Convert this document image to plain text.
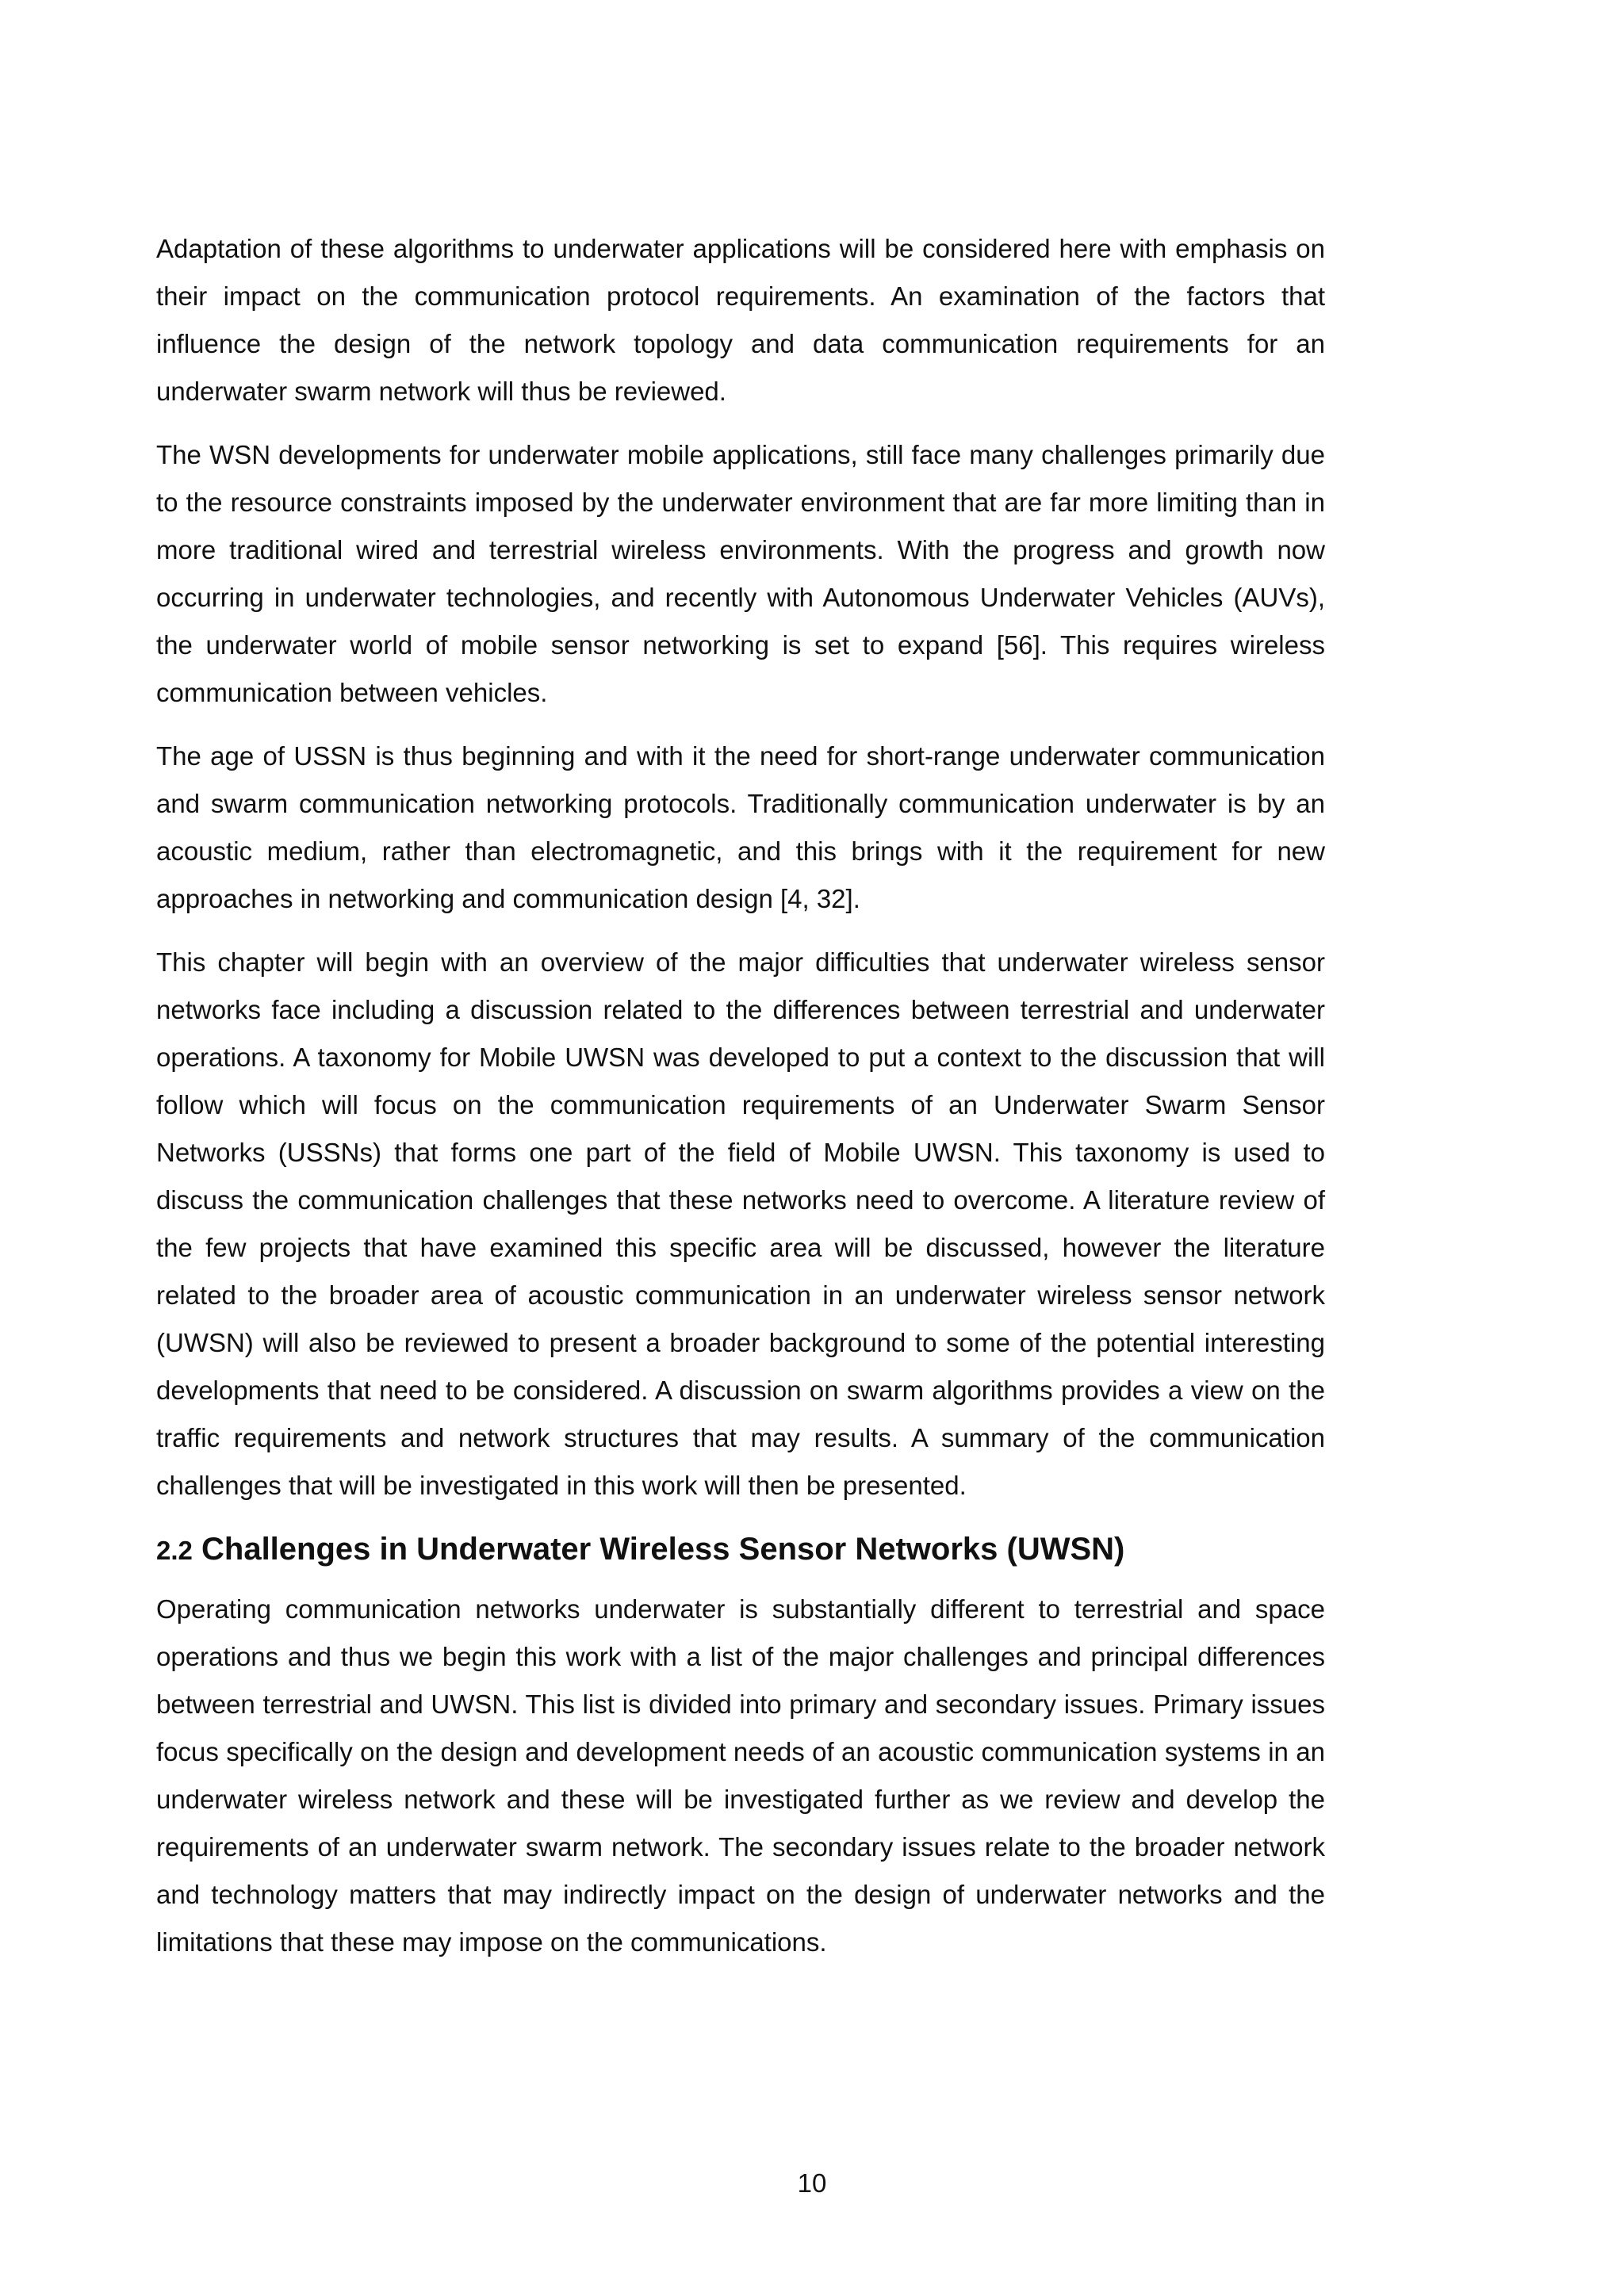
Adaptation of these algorithms to underwater applications will be considered here with emphasis on their impact on the communication protocol requirements. An examination of the factors that influence the design of the network topology and data communication requirements for an underwater swarm network will thus be reviewed.

The WSN developments for underwater mobile applications, still face many challenges primarily due to the resource constraints imposed by the underwater environment that are far more limiting than in more traditional wired and terrestrial wireless environments. With the progress and growth now occurring in underwater technologies, and recently with Autonomous Underwater Vehicles (AUVs), the underwater world of mobile sensor networking is set to expand [56]. This requires wireless communication between vehicles.

The age of USSN is thus beginning and with it the need for short-range underwater communication and swarm communication networking protocols. Traditionally communication underwater is by an acoustic medium, rather than electromagnetic, and this brings with it the requirement for new approaches in networking and communication design [4, 32].

This chapter will begin with an overview of the major difficulties that underwater wireless sensor networks face including a discussion related to the differences between terrestrial and underwater operations. A taxonomy for Mobile UWSN was developed to put a context to the discussion that will follow which will focus on the communication requirements of an Underwater Swarm Sensor Networks (USSNs) that forms one part of the field of Mobile UWSN. This taxonomy is used to discuss the communication challenges that these networks need to overcome. A literature review of the few projects that have examined this specific area will be discussed, however the literature related to the broader area of acoustic communication in an underwater wireless sensor network (UWSN) will also be reviewed to present a broader background to some of the potential interesting developments that need to be considered. A discussion on swarm algorithms provides a view on the traffic requirements and network structures that may results. A summary of the communication challenges that will be investigated in this work will then be presented.

2.2 Challenges in Underwater Wireless Sensor Networks (UWSN)

Operating communication networks underwater is substantially different to terrestrial and space operations and thus we begin this work with a list of the major challenges and principal differences between terrestrial and UWSN. This list is divided into primary and secondary issues. Primary issues focus specifically on the design and development needs of an acoustic communication systems in an underwater wireless network and these will be investigated further as we review and develop the requirements of an underwater swarm network. The secondary issues relate to the broader network and technology matters that may indirectly impact on the design of underwater networks and the limitations that these may impose on the communications.

10
